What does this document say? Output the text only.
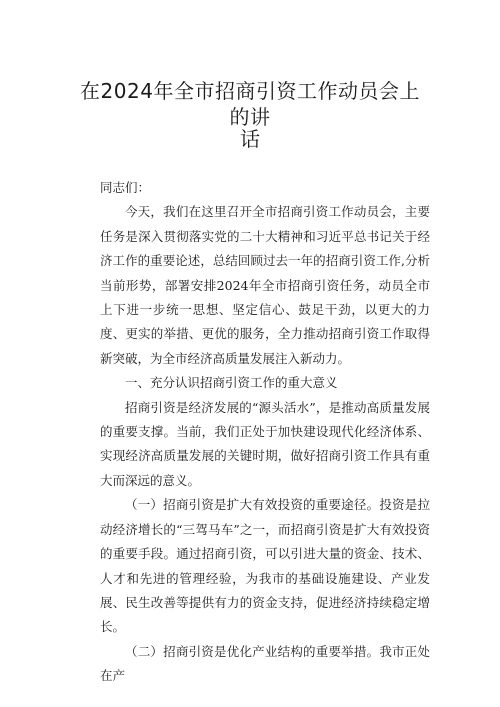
在2024年全市招商引资工作动员会上的讲
话

同志们：

今天，我们在这里召开全市招商引资工作动员会，主要任务是深入贯彻落实党的二十大精神和习近平总书记关于经济工作的重要论述，总结回顾过去一年的招商引资工作,分析当前形势，部署安排2024年全市招商引资任务，动员全市上下进一步统一思想、坚定信心、鼓足干劲，以更大的力度、更实的举措、更优的服务，全力推动招商引资工作取得新突破，为全市经济高质量发展注入新动力。

一、充分认识招商引资工作的重大意义

招商引资是经济发展的“源头活水”，是推动高质量发展的重要支撑。当前，我们正处于加快建设现代化经济体系、实现经济高质量发展的关键时期，做好招商引资工作具有重大而深远的意义。

（一）招商引资是扩大有效投资的重要途径。投资是拉动经济增长的“三驾马车”之一，而招商引资是扩大有效投资的重要手段。通过招商引资，可以引进大量的资金、技术、人才和先进的管理经验，为我市的基础设施建设、产业发展、民生改善等提供有力的资金支持，促进经济持续稳定增长。

（二）招商引资是优化产业结构的重要举措。我市正处在产
